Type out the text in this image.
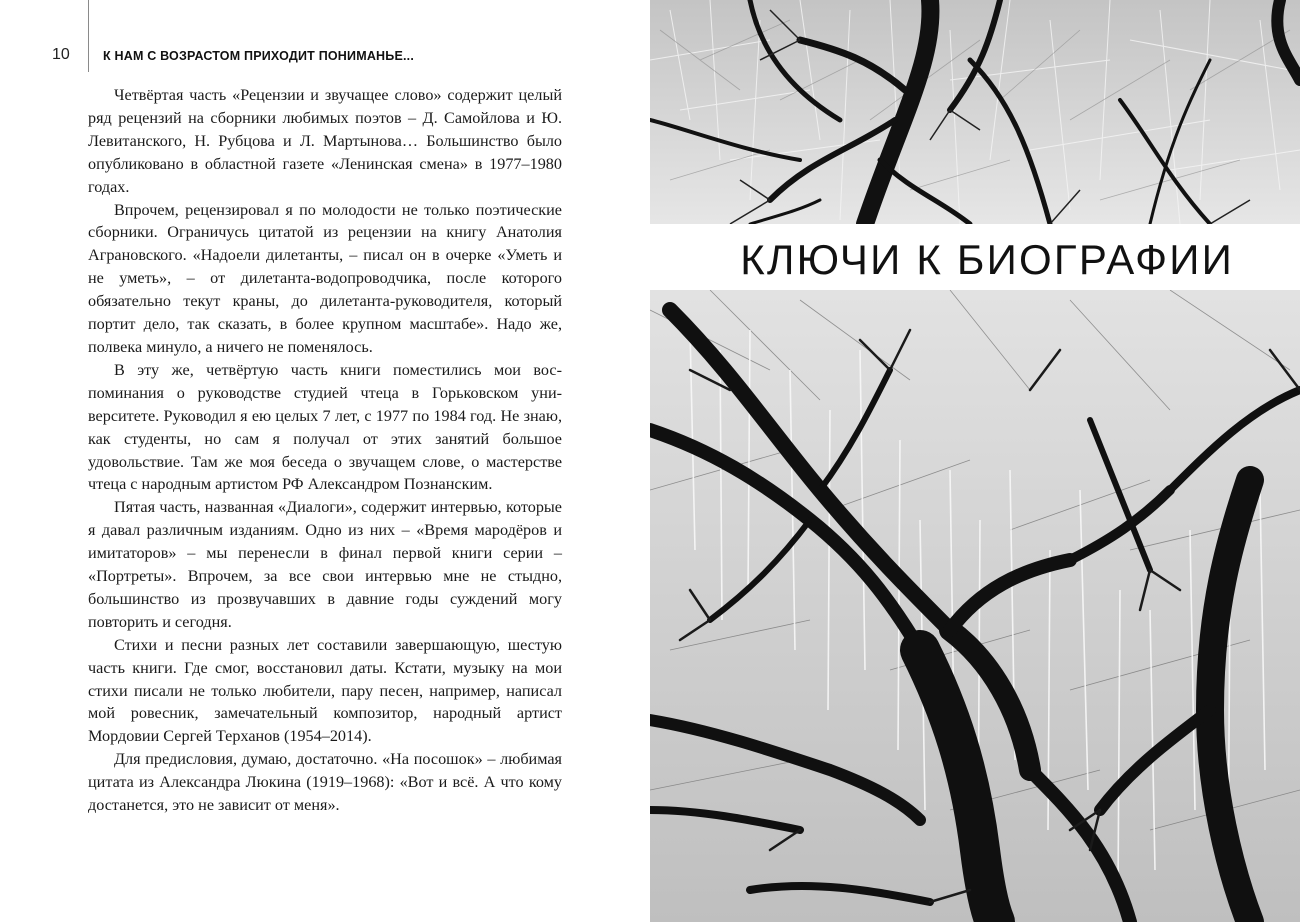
10	К НАМ С ВОЗРАСТОМ ПРИХОДИТ ПОНИМАНЬЕ...

Четвёртая часть «Рецензии и звучащее слово» содержит целый ряд рецензий на сборники любимых поэтов – Д. Самойлова и Ю. Левитанского, Н. Рубцова и Л. Мартынова… Большинство было опубликовано в областной газете «Ленинская смена» в 1977–1980 годах.

Впрочем, рецензировал я по молодости не только поэтические сборники. Ограничусь цитатой из рецензии на книгу Анатолия Аграновского. «Надоели дилетанты, – писал он в очерке «Уметь и не уметь», – от дилетанта-водопроводчика, после которого обязательно текут краны, до дилетанта-руководителя, который портит дело, так сказать, в более крупном масштабе». Надо же, полвека минуло, а ничего не поменялось.

В эту же, четвёртую часть книги поместились мои воспоминания о руководстве студией чтеца в Горьковском университете. Руководил я ею целых 7 лет, с 1977 по 1984 год. Не знаю, как студенты, но сам я получал от этих занятий большое удовольствие. Там же моя беседа о звучащем слове, о мастерстве чтеца с народным артистом РФ Александром Познанским.

Пятая часть, названная «Диалоги», содержит интервью, которые я давал различным изданиям. Одно из них – «Время мародёров и имитаторов» – мы перенесли в финал первой книги серии – «Портреты». Впрочем, за все свои интервью мне не стыдно, большинство из прозвучавших в давние годы суждений могу повторить и сегодня.

Стихи и песни разных лет составили завершающую, шестую часть книги. Где смог, восстановил даты. Кстати, музыку на мои стихи писали не только любители, пару песен, например, написал мой ровесник, замечательный композитор, народный артист Мордовии Сергей Терханов (1954–2014).

Для предисловия, думаю, достаточно. «На посошок» – любимая цитата из Александра Люкина (1919–1968): «Вот и всё. А что кому достанется, это не зависит от меня».

КЛЮЧИ К БИОГРАФИИ
